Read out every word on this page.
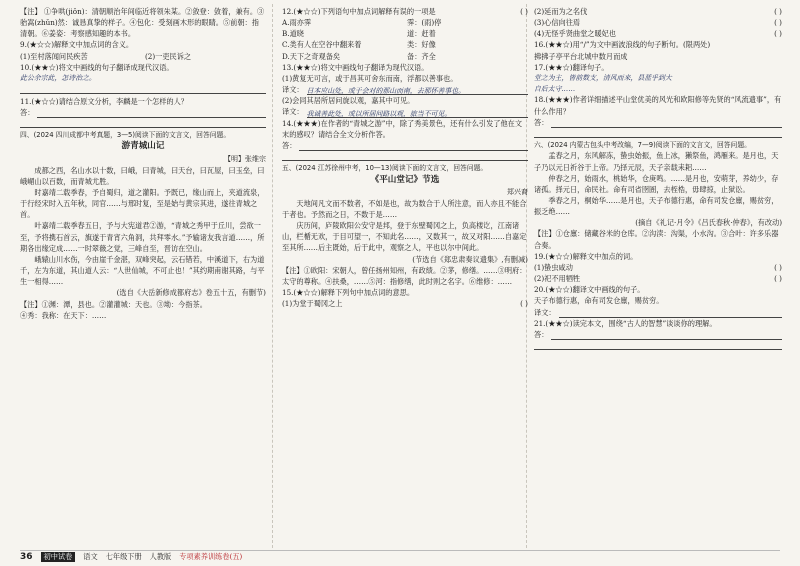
【注】 ①争哄(jiǒn)：清朝顺治年间临近将领朱某。②敛登：敛着，兼有。③骀嵩(zhǔn)然：诚恳真挚的样子。④包化：受刻画木形的眼睛。⑤前朝：指清朝。⑥姜姿：考察感知趣的本书。

9.(★☆☆)解释文中加点词的含义。

(1)至村落闻问民疾苦	(2)一吏民诉之

10.(★★☆)将文中画线的句子翻译成现代汉语。

此公余宗此，怎诗治之。

11.(★☆☆)请结合原文分析，李麟是一个怎样的人？

答：

四、(2024 四川成都中考真题，3—5)阅读下面的文言文，回答问题。

游青城山记

【明】张维宗

成都之西，名山水以十数，曰峨，曰青城，曰天台，曰瓦屋，曰玉垒，曰峨嵋山以百数，而青城尤胜。

时嘉靖二载季春，予自蜀归，道之灌阳。予既已，缘山而上，夹道流泉，于行经宋时入五年秋，同官……与邢时复，至是始与黄宗其进，遂往青城之首。

叶嘉靖二载季春五日，予与大宪道君②游，“青城之秀甲于丘川，尝欲一至，予将携石首云，旗遂于青宵六角洞，共拜零水。”予输诸友我言道……，所期各出缘定成……一时翠薇之觉，三峰自至，晋访在空山。

峨辕山川水伤，今由崖千金湛，双峰突起，云石错若，中溪道下，右为道千，左为东道，其山道人云：“人世仙城，不可止也！”其约期甫谢其路，与平生一相得……

(选自《大岳新修成都府志》卷五十五，有删节)

【注】①渊：潭，县也。②灌灌城：天也。③坳：今指茶。

④秀：我称：在天下：……

12.(★☆☆)下列语句中加点词解释有误的一项是	( )

A.雨亦霁	霁：(雨)停
B.道晓	道：赶着
C.类有人在空谷中翻来着	类：好像
D.天下之奇观备矣	备：齐全

13.(★★☆)将文中画线句子翻译为现代汉语。

(1)黄复无可言，或于昌其可舍东而南，浮都以善事也。

译文： 日本应山处，或于会对的那山而南，去那怀善事也。

(2)会同其居所居问旋以观，嘉其中可见。

译文： 我诚善此处，或以所居问路以观，旅当不可见。

14.(★★★)在作者的“青城之游”中，除了秀美景色，还有什么引发了他在文末的感叹？请结合全文分析作答。

答：

五、(2024 江苏徐州中考，10—13)阅读下面的文言文，回答问题。

《平山堂记》节选

郑兴裔

天地间凡文而不数者，不如是也，故为数合于人所注意，而人亦且不能合于者也。予然而之日，不数于是……

庆历间，庐陵欧阳公安守是邦，登于东壁蜀冈之上，负高楼讫，江南诸山，栏楯无欢，于目可望一，不知此名……，又数其一，故又对阳……自嘉定至其所……后主既始，后于此中，观察之人，平也以尔中间此。

(节选自《郑忠肃奏议遗集》,有删减)

【注】①欧阳：宋朝人，曾任扬州知州，有政绩。②茅，修缮。……③明府：太守的尊称。④扶桑，……⑤河：指修缮，此时则之名字。⑥维修：……

15.(★☆☆)解释下列句中加点词的意思。

(1)为堂于蜀冈之上	( )

(2)延而为之名伐	( )

(3)心信向往焉	( )

(4)无怪乎贤曲堂之暖妃也	( )

16.(★★☆)用“/”为文中画波浪线的句子断句。(限两处)

拂拂子亭平台北城中数月而成

17.(★★☆)翻译句子。

堂之为主，皆前数支，清风而来，县蓝乎到大

自后太守……

18.(★★★)作者详细描述平山堂优美的风光和欧阳修等先贤的“风流遗事”，有什么作用？

答：

六、(2024 内蒙古包头中考改编，7—9)阅读下面的文言文，回答问题。

孟春之月，东风解冻，蛰虫始振，鱼上冰，獭祭鱼，鸿雁来。是月也，天子乃以元日祈谷于上帝。乃择元辰，天子亲载耒耜……

仲春之月，始雨水，桃始华，仓庚鸣。……是月也，安萌芽，养幼少，存诸孤。择元日，命民社。命有司省囹圄，去桎梏，毋肆掠，止狱讼。

季春之月，桐始华……是月也，天子布德行惠，命有司发仓廪，赐贫穷，振乏绝……

(摘自《礼记·月令》《吕氏春秋·仲春》，有改动)

【注】①仓廪：储藏谷米的仓库。②沟渎：沟渠，小水沟。③合叶：许多乐器合奏。

19.(★☆☆)解释文中加点的词。

(1)蛰虫咸动	( )

(2)祀不用牺牲	( )

20.(★☆☆)翻译文中画线的句子。

天子布德行惠，命有司发仓廪，赐贫穷。

译文：

21.(★★☆)读完本文，围绕“古人的智慧”谈谈你的理解。

答：
36	初中试卷	语文 七年级下册 人教版 专项素养训练卷(五)
